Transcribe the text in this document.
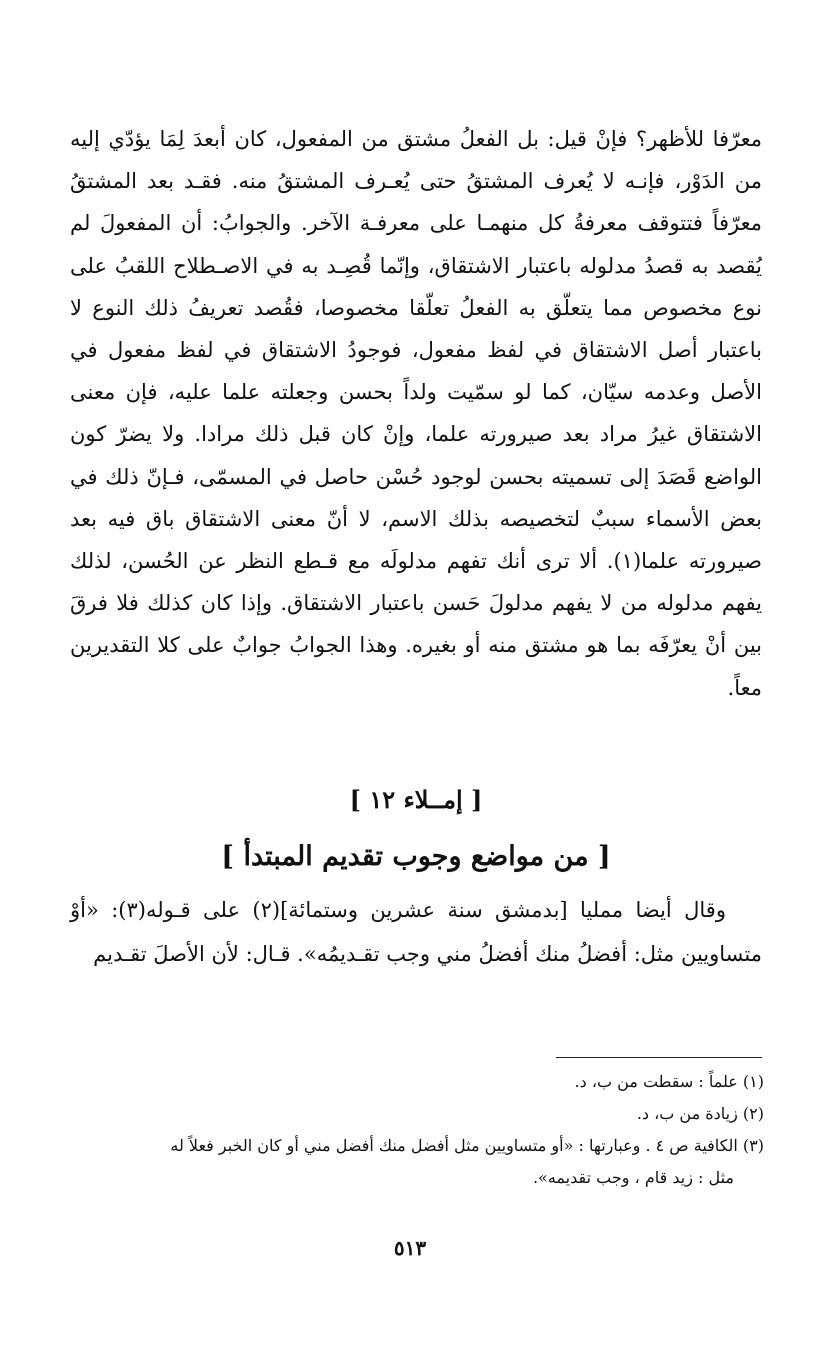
معرّفا للأظهر؟ فإنْ قيل: بل الفعلُ مشتق من المفعول، كان أبعدَ لِمَا يؤدّي إليه من الدَوْر، فإنـه لا يُعرف المشتقُ حتى يُعـرف المشتقُ منه. فقـد بعد المشتقُ معرّفاً فتتوقف معرفةُ كل منهمـا على معرفـة الآخر. والجوابُ: أن المفعولَ لم يُقصد به قصدُ مدلوله باعتبار الاشتقاق، وإنّما قُصِـد به في الاصـطلاح اللقبُ على نوع مخصوص مما يتعلّق به الفعلُ تعلّقا مخصوصا، فقُصد تعريفُ ذلك النوع لا باعتبار أصل الاشتقاق في لفظ مفعول، فوجودُ الاشتقاق في لفظ مفعول في الأصل وعدمه سيّان، كما لو سمّيت ولداً بحسن وجعلته علما عليه، فإن معنى الاشتقاق غيرُ مراد بعد صيرورته علما، وإنْ كان قبل ذلك مرادا. ولا يضرّ كون الواضع قَصَدَ إلى تسميته بحسن لوجود حُسْن حاصل في المسمّى، فـإنّ ذلك في بعض الأسماء سببٌ لتخصيصه بذلك الاسم، لا أنّ معنى الاشتقاق باق فيه بعد صيرورته علما(١). ألا ترى أنك تفهم مدلولَه مع قـطع النظر عن الحُسن، لذلك يفهم مدلوله من لا يفهم مدلولَ حَسن باعتبار الاشتقاق. وإذا كان كذلك فلا فرقَ بين أنْ يعرّفَه بما هو مشتق منه أو بغيره. وهذا الجوابُ جوابٌ على كلا التقديرين معاً.

[ إمــلاء ١٢ ]
[ من مواضع وجوب تقديم المبتدأ ]

وقال أيضا ممليا [بدمشق سنة عشرين وستمائة](٢) على قـوله(٣): «أوْ متساويين مثل: أفضلُ منك أفضلُ مني وجب تقـديمُه». قـال: لأن الأصلَ تقـديم

(١) علماً : سقطت من ب، د.

(٢) زيادة من ب، د.

(٣) الكافية ص ٤ . وعبارتها : «أو متساويين مثل أفضل منك أفضل مني أو كان الخبر فعلاً له

مثل : زيد قام ، وجب تقديمه».

٥١٣
